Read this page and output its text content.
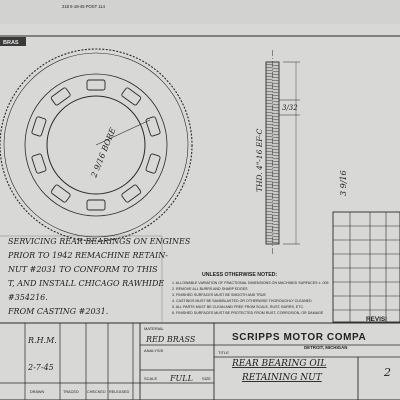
218 6-18-45 POST 114
BRAS
2 9/16 BORE
3/32
THD. 4"-16 EF-C	3 9/16
SERVICING REAR BEARINGS ON ENGINES
PRIOR TO 1942 REMACHINE RETAIN-
NUT #2031 TO CONFORM TO THIS
T, AND INSTALL CHICAGO RAWHIDE
#354216.
FROM CASTING #2031.
UNLESS OTHERWISE NOTED:
1. ALLOWABLE VARIATION OF FRACTIONAL DIMENSIONS ON MACHINED SURFACES ± .005
2. REMOVE ALL BURRS AND SHARP EDGES
3. FINISHED SURFACES MUST BE SMOOTH AND TRUE
4. CASTINGS MUST BE SANDBLASTED OR OTHERWISE THOROUGHLY CLEANED
5. ALL PARTS MUST BE CLEAN AND FREE FROM SCALE, RUST, BURRS, ETC.
6. FINISHED SURFACES MUST BE PROTECTED FROM RUST, CORROSION, OR DAMAGE
REVISI
MATERIAL
RED BRASS
ANALYSIS
SCALE FULL SIZE
SCRIPPS MOTOR COMPA
DETROIT, MICHIGAN
TITLE
REAR BEARING OIL
RETAINING NUT	2
R.H.M.
2-7-45
DRAWN	TRACED CHECKED RELEASED
